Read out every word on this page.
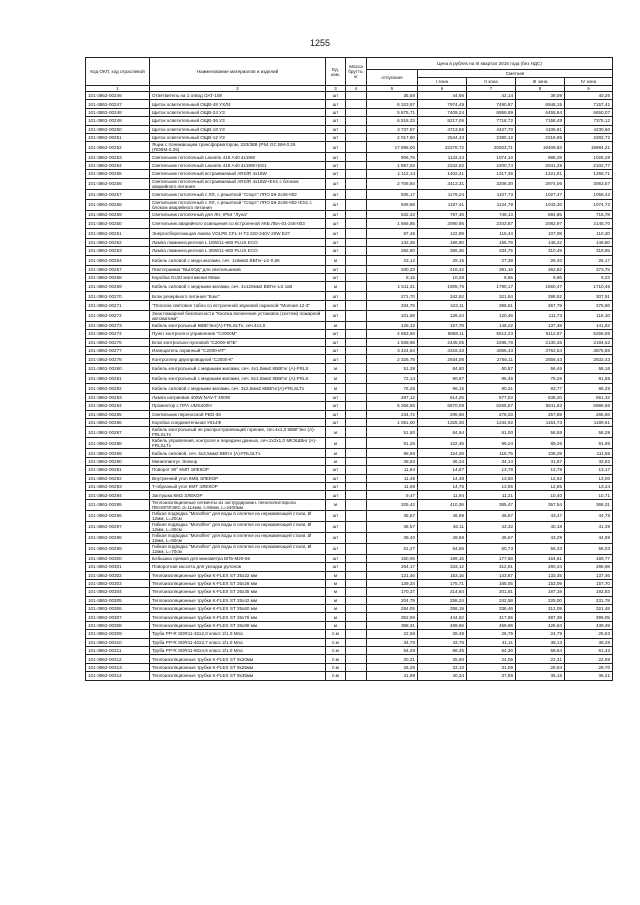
1255
Код ОКП, код отраслевой	Наименование материалов и изделий	Ед. изм.	Масса брутто, кг	Цена в рублях на III квартал 2016 года (без НДС)				
				отпускная	Сметная			
					I зона	II зона	III зона	IV зона
1	2	3	4	5	6	7	8	9
101-3862-00246	Ответвитель на 1 отвод OAT-108	шт		35,58	44,86	42,14	39,09	40,26
101-3862-00247	Щиток осветительный ОЩВ-48 УХЛ4	шт		6 323,97	7974,49	7490,87	6948,15	7157,41
101-3862-00248	Щиток осветительный ОЩВ-24 УЗ	шт		5 875,71	7409,24	6959,89	6455,64	6650,07
101-3862-00249	Щиток осветительный ОЩВ-36 УЗ	шт		6 518,33	8217,05	7718,72	7158,48	7375,12
101-3862-00250	Щиток осветительный ОЩВ-18 УЗ	шт		3 737,97	4713,56	4427,70	4106,91	4230,60
101-3862-00251	Щиток осветительный ОЩВ-12 УЗ	шт		2 017,60	2544,43	2390,12	2216,95	2283,72
101-3862-00252	Ящик с понижающим трансформатором, 220/36В (Р54 ОС ВМ-0.25 (ЯОВМ-0.25)	шт		17 696,00	22278,72	20923,71	19409,83	19984,21
101-3862-00253	Светильник потолочный Lavanto 418 А40 4х18W	шт		906,76	1143,44	1074,10	996,28	1026,28
101-3862-00254	Светильник потолочный Lavanto 418 А40 4х18W+ES1	шт		1 857,02	2342,62	2200,74	2041,29	2102,77
101-3862-00255	Светильник потолочный встраиваемый ARS/R 4х18W	шт		1 112,14	1402,41	1317,36	1221,91	1258,71
101-3862-00256	Светильник потолочный встраиваемый ARS/R 4х18W+ES1 с блоком аварийного питания	шт		2 706,84	3413,31	3206,30	2974,06	3063,57
101-3862-00257	Светильник потолочный с ЛЛ, с решеткой "Спорт" ЛПО 59-2х36-002	шт		935,17	1179,24	1107,73	1027,47	1058,42
101-3862-00258	Светильник потолочный с ЛЛ, с решеткой "Спорт" ЛПО 59-2х36-002+ES1 с блоком аварийного питания	шт		949,58	1197,41	1124,79	1043,30	1074,72
101-3862-00259	Светильник потолочный для ЛН, IP54 "Луна"	шт		632,43	797,48	749,13	694,85	715,78
101-3862-00260	Светильник аварийного освещения со встроенной АКБ ЛБА-01-2х8-003	шт		1 666,85	2090,95	2343,87	2082,97	2145,70
101-3862-00261	Энергосберегающая лампа VOLPE CFL-H T3 220-240V 20W E27	шт		97,46	122,89	115,44	107,08	110,30
101-3862-00262	Лампа люминесцентная L 18W/11-860 PLUS ECO	шт		132,36	166,90	156,78	145,42	149,80
101-3862-00263	Лампа люминесцентная L 36W/11-860 PLUS ECO	шт		282,60	356,36	334,75	310,49	319,85
101-3862-00264	Кабель силовой с медн.жилами, сеч. 1х6мм2 ВВГнг-LS-0,66	м		23,12	29,15	27,38	25,40	26,17
101-3862-00267	Пиктограмма "ВЫХОД" для светильников	шт		330,23	416,42	391,16	362,82	373,75
101-3862-00268	Коробка GUSI монтажная 60мм	шт		8,15	10,28	9,65	8,96	9,23
101-3862-00269	Кабель силовой с медными жилами, сеч. 4х120мм2 ВВГнг-LS 1кВ	м		1 511,31	1905,76	1790,17	1660,47	1710,46
101-3862-00270	Блок резервного питания "Бэкс"	шт		271,70	342,62	321,84	298,52	307,51
101-3862-00271	"Плоское световое табло со встроенной звуковой окраской "Молния 12-3"	шт		334,75	422,11	396,51	367,79	378,86
101-3862-00272	Знак пожарной безопасности "Кнопка включения установок (систем) пожарной автоматики"	шт		101,69	128,24	120,46	111,73	115,10
101-3862-00273	Кабель контрольный КВВГЭнг(А)-FRLSLTx, сеч.4х1,0	м		125,13	157,78	148,22	137,48	141,62
101-3862-00274	Пункт контроля и управления "С2000М"	шт		4 653,56	5868,11	5512,23	5112,87	5266,85
101-3862-00276	Блок контрольно-пусковой "С2000-КПБ"	шт		1 938,98	2445,05	2296,76	2130,36	2194,52
101-3862-00277	Извещатель охранный "С2000-ИТ"	шт		3 424,54	4318,33	4056,43	3762,54	3875,86
101-3862-00278	Контроллер двухпроводной "С2000-К"	шт		2 326,78	2934,06	2756,11	2556,43	2633,43
101-3862-00280	Кабель контрольный с медными жилами, сеч. 4х1,0мм2 КВВГнг (А)-FRLS	м		51,39	64,80	60,87	56,46	58,16
101-3862-00281	Кабель контрольный с медными жилами, сеч. 5х1,0мм2 КВВГнг (А)-FRLS	м		72,14	90,97	85,46	79,26	81,65
101-3862-00282	Кабель силовой с медными жилами, сеч. 3х2,5мм2 КВВГнг(А)-FRLSLTx	м		76,25	96,15	90,31	83,77	86,29
101-3862-00283	Лампа натриевая 400W NAV-T 400W	шт		487,12	614,25	577,03	535,20	551,32
101-3862-00284	Прожектор с ПРА UMS400H	шт		5 266,55	6670,09	6265,57	5811,63	5986,66
101-3862-00285	Светильник переносной РВО-36	шт		234,72	295,98	278,03	257,89	265,66
101-3862-00286	Коробка соединительная У614Ф	шт		1 051,00	1325,30	1244,92	1154,73	1189,51
101-3862-00287	Кабель контрольный не распространяющий горение, сеч.4х1,0 КВВГЭнг (А)-FRLSLTx	м		51,50	64,94	61,00	56,58	58,29
101-3862-00288	Кабель управления, контроля и передачи данных, сеч.2х2х1,0 МКЭШВнг (А)-FRLSLTx	м		81,25	102,45	96,24	89,26	91,95
101-3862-00289	Кабель силовой, сеч. 5х2,5мм2 ВВГнг (А)-FRLSLTx	м		98,56	124,28	116,75	108,29	111,55
101-3862-00290	Миниплинтус Элекор	м		28,82	36,34	34,14	31,67	32,62
101-3862-00291	Поворот 90° КМП ЭЛЕКОР	шт		11,64	14,67	13,78	12,78	13,17
101-3862-00292	Внутренний угол КМВ ЭЛЕКОР	шт		11,48	14,48	13,60	12,62	13,00
101-3862-00293	Т-образный угол КМТ ЭЛЕКОР	шт		11,69	14,75	13,85	12,85	13,24
101-3862-00294	Заглушка КМЗ ЭЛЕКОР	шт		9,47	11,94	11,21	10,40	10,71
101-3862-00295	Теплоизоляционные сегменты из экструдирован. пенополистирола ПЕНОПЛЭКС d=114мм, l=50мм, L=2400мм	м		325,42	410,36	385,47	357,54	368,31
101-3862-00296	Гибкая подводка "Monoflex" для воды в оплетке из нержавеющей стали, Ø 12мм, L=20см	шт		35,57	46,69	46,87	43,47	44,78
101-3862-00297	Гибкая подводка "Monoflex" для воды в оплетке из нержавеющей стали, Ø 12мм, L=30см	шт		36,57	46,11	43,32	40,18	41,39
101-3862-00298	Гибкая подводка "Monoflex" для воды в оплетке из нержавеющей стали, Ø 12мм, L=50см	шт		39,40	49,68	46,67	43,29	44,59
101-3862-00299	Гибкая подводка "Monoflex" для воды в оплетке из нержавеющей стали, Ø 12мм, L=70см	шт		51,27	64,65	60,73	56,33	58,03
101-3862-00300	Бобышка прямая для манометра БП5-М20-55	шт		150,06	189,15	177,58	164,81	169,77
101-3862-00301	Поворотная кассета для укладки рулонов	шт		264,17	333,12	312,91	290,24	298,98
101-3862-00302	Теплоизоляционные трубки K-FLEX ST 25х22 мм	м		121,46	153,16	143,87	133,45	137,46
101-3862-00303	Теплоизоляционные трубки K-FLEX ST 25х28 мм	м		139,34	175,71	165,05	153,09	157,70
101-3862-00304	Теплоизоляционные трубки K-FLEX ST 25х35 мм	м		170,37	214,84	201,81	187,19	192,83
101-3862-00305	Теплоизоляционные трубки K-FLEX ST 25х42 мм	м		204,79	258,24	242,58	225,00	231,78
101-3862-00306	Теплоизоляционные трубки K-FLEX ST 25х60 мм	м		284,05	358,19	336,46	312,09	321,48
101-3862-00307	Теплоизоляционные трубки K-FLEX ST 25х76 мм	м		352,59	444,62	417,65	387,39	399,05
101-3862-00308	Теплоизоляционные трубки K-FLEX ST 25х89 мм	м		388,31	489,66	459,96	426,64	439,49
101-3862-00309	Труба PP-R SDR11-32х2,0 класс 2/1.0 Mna	п.м		22,58	28,48	26,75	24,79	25,53
101-3862-00310	Труба PP-R SDR11-40х3,7 класс 2/1.0 Mna	п.м		34,70	43,76	41,11	38,13	39,28
101-3862-00311	Труба PP-R SDR11-50х4,6 класс 2/1.0 Mna	п.м		54,28	68,45	64,30	59,64	61,43
101-3862-00312	Теплоизоляционные трубки K-FLEX ST 9х20мм	п.м		20,31	25,60	24,05	22,31	22,98
101-3862-00313	Теплоизоляционные трубки K-FLEX ST 9х25мм	п.м		26,25	33,10	31,09	28,84	29,70
101-3862-00314	Теплоизоляционные трубки K-FLEX ST 9х35мм	п.м		31,99	40,34	37,89	35,15	36,21
